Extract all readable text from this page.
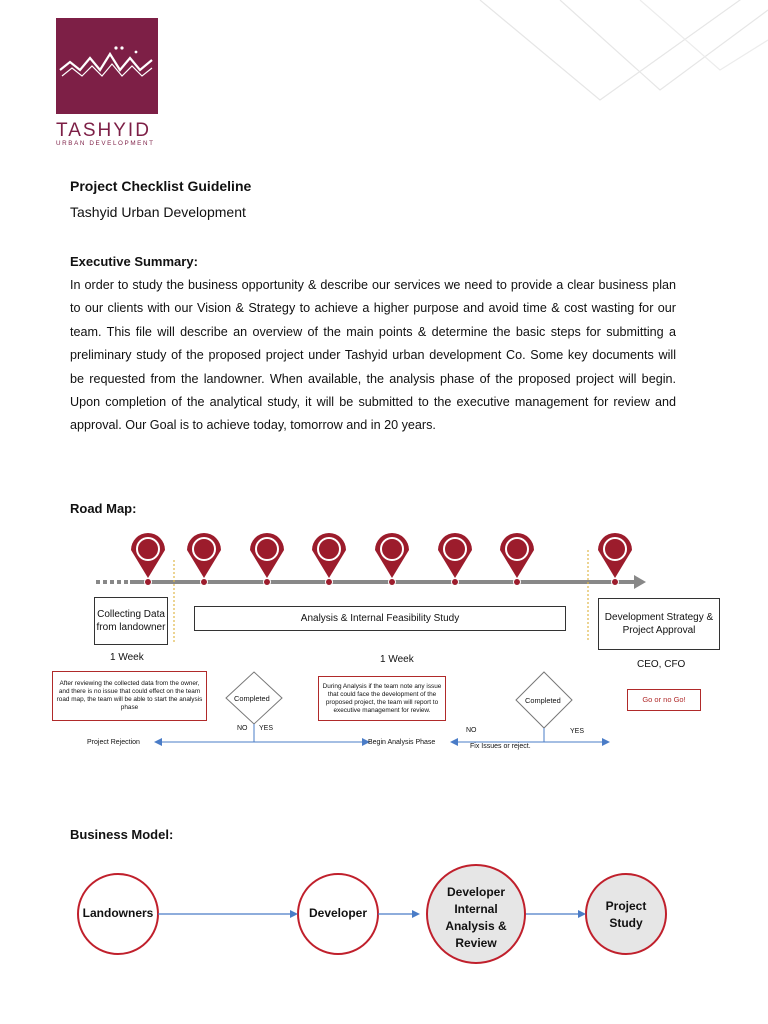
TASHYID
URBAN DEVELOPMENT
Project Checklist Guideline
Tashyid Urban Development
Executive Summary:
In order to study the business opportunity & describe our services we need to provide a clear business plan to our clients with our Vision & Strategy to achieve a higher purpose and avoid time & cost wasting for our team. This file will describe an overview of the main points & determine the basic steps for submitting a preliminary study of the proposed project under Tashyid urban development Co. Some key documents will be requested from the landowner. When available, the analysis phase of the proposed project will begin. Upon completion of the analytical study, it will be submitted to the executive management for review and approval. Our Goal is to achieve today, tomorrow and in 20 years.
Road Map:
Collecting Data from landowner
Analysis & Internal Feasibility Study	Development Strategy & Project Approval
1 Week	1 Week	CEO, CFO
Go or no Go!
After reviewing the collected data from the owner, and there is no issue that could effect on the team road map, the team will be able to start the analysis phase
During Analysis if the team note any issue that could face the development of the proposed project, the team will report to executive management for review.
Completed	Completed
NO YES	NO	YES
Project Rejection	Begin Analysis Phase
Fix Issues or reject.
Business Model:
Landowners	Developer
Developer Internal Analysis & Review
Project Study
